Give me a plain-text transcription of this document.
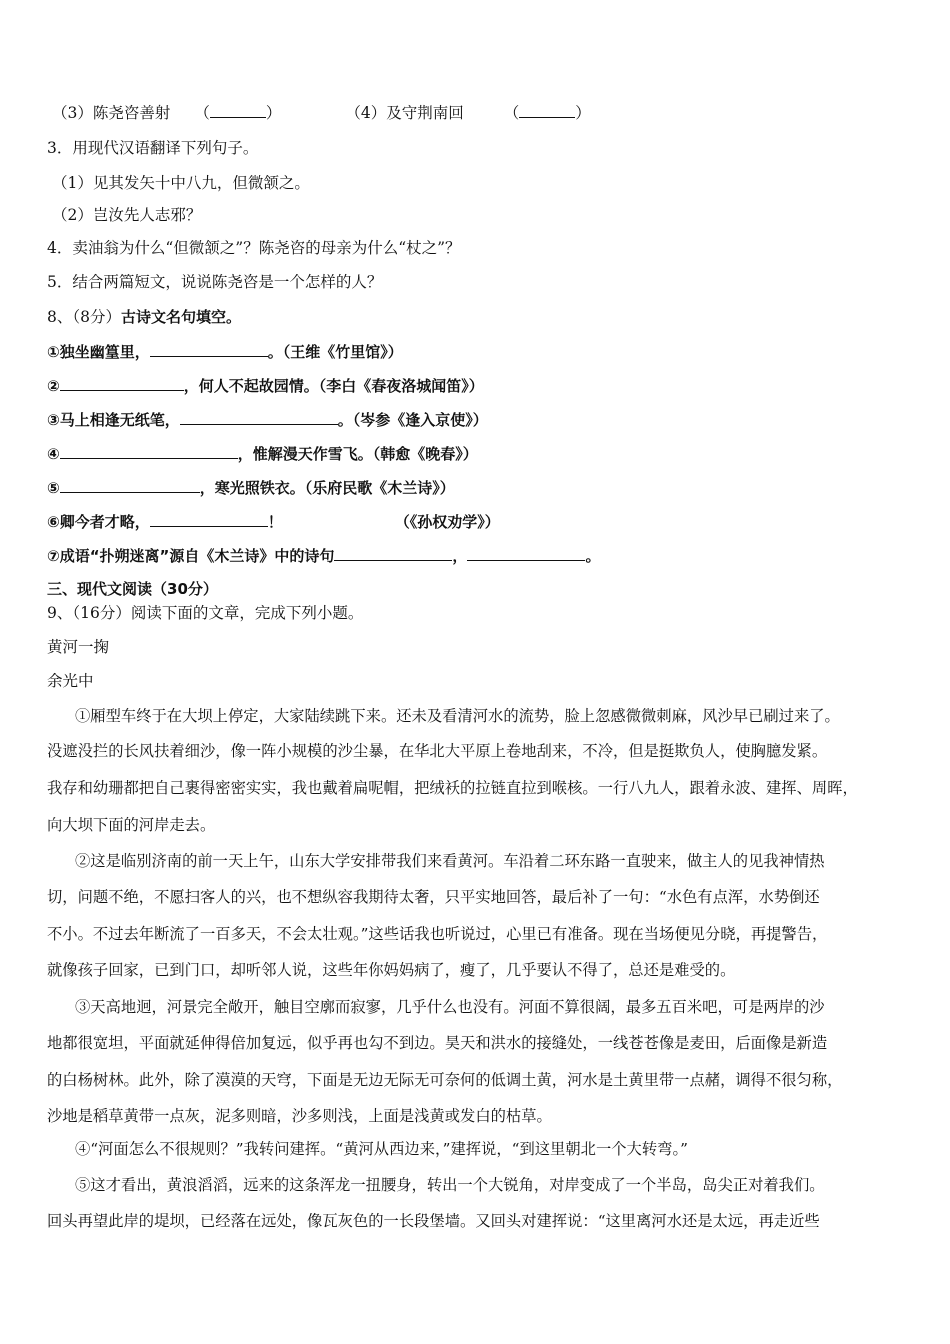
（3）陈尧咨善射 （	）	（4）及守荆南回	（	）
3．用现代汉语翻译下列句子。
（1）见其发矢十中八九，但微颔之。
（2）岂汝先人志邪？
4．卖油翁为什么“但微颔之”？陈尧咨的母亲为什么“杖之”？
5．结合两篇短文，说说陈尧咨是一个怎样的人？
8、（8分）古诗文名句填空。
①独坐幽篁里，	。（王维《竹里馆》）
②	，何人不起故园情。（李白《春夜洛城闻笛》）
③马上相逢无纸笔，	。（岑参《逢入京使》）
④	，惟解漫天作雪飞。（韩愈《晚春》）
⑤	，寒光照铁衣。（乐府民歌《木兰诗》）
⑥卿今者才略，	！	（《孙权劝学》）
⑦成语“扑朔迷离”源自《木兰诗》中的诗句	，	。
三、现代文阅读（30分）
9、（16分）阅读下面的文章，完成下列小题。
黄河一掬
余光中
①厢型车终于在大坝上停定，大家陆续跳下来。还未及看清河水的流势，脸上忽感微微刺麻，风沙早已刷过来了。
没遮没拦的长风扶着细沙，像一阵小规模的沙尘暴，在华北大平原上卷地刮来，不冷，但是挺欺负人，使胸臆发紧。
我存和幼珊都把自己裹得密密实实，我也戴着扁呢帽，把绒袄的拉链直拉到喉核。一行八九人，跟着永波、建挥、周晖，
向大坝下面的河岸走去。
②这是临别济南的前一天上午，山东大学安排带我们来看黄河。车沿着二环东路一直驶来，做主人的见我神情热
切，问题不绝，不愿扫客人的兴，也不想纵容我期待太奢，只平实地回答，最后补了一句：“水色有点浑，水势倒还
不小。不过去年断流了一百多天，不会太壮观。”这些话我也听说过，心里已有准备。现在当场便见分晓，再提警告，
就像孩子回家，已到门口，却听邻人说，这些年你妈妈病了，瘦了，几乎要认不得了，总还是难受的。
③天高地迥，河景完全敞开，触目空廓而寂寥，几乎什么也没有。河面不算很阔，最多五百米吧，可是两岸的沙
地都很宽坦，平面就延伸得倍加复远，似乎再也勾不到边。昊天和洪水的接缝处，一线苍苍像是麦田，后面像是新造
的白杨树林。此外，除了漠漠的天穹，下面是无边无际无可奈何的低调土黄，河水是土黄里带一点赭，调得不很匀称，
沙地是稻草黄带一点灰，泥多则暗，沙多则浅，上面是浅黄或发白的枯草。
④“河面怎么不很规则？”我转问建挥。“黄河从西边来，”建挥说，“到这里朝北一个大转弯。”
⑤这才看出，黄浪滔滔，远来的这条浑龙一扭腰身，转出一个大锐角，对岸变成了一个半岛，岛尖正对着我们。
回头再望此岸的堤坝，已经落在远处，像瓦灰色的一长段堡墙。又回头对建挥说：“这里离河水还是太远，再走近些
